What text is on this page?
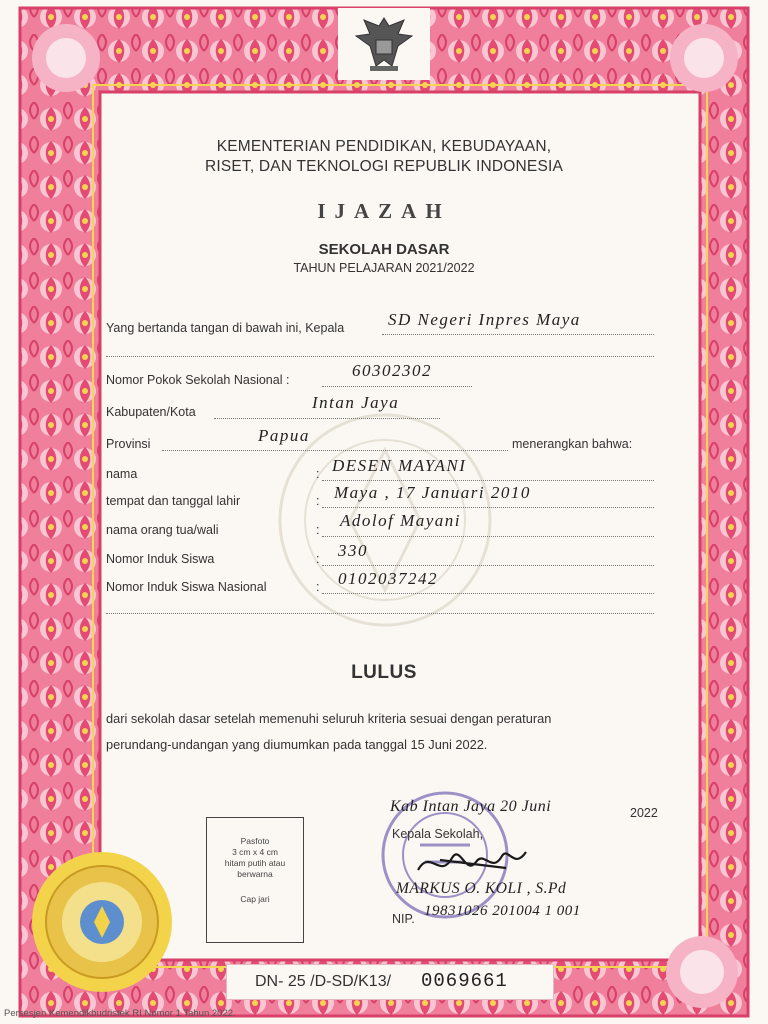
KEMENTERIAN PENDIDIKAN, KEBUDAYAAN,
RISET, DAN TEKNOLOGI REPUBLIK INDONESIA
IJAZAH
SEKOLAH DASAR
TAHUN PELAJARAN 2021/2022
Yang bertanda tangan di bawah ini, Kepala	SD Negeri Inpres Maya
Nomor Pokok Sekolah Nasional :	60302302
Kabupaten/Kota	Intan Jaya
Provinsi	Papua	menerangkan bahwa:
nama	: DESEN MAYANI
tempat dan tanggal lahir	: Maya , 17 Januari 2010
nama orang tua/wali	: Adolof Mayani
Nomor Induk Siswa	: 330
Nomor Induk Siswa Nasional	: 0102037242
LULUS
dari sekolah dasar setelah memenuhi seluruh kriteria sesuai dengan peraturan
perundang-undangan yang diumumkan pada tanggal 15 Juni 2022.
Pasfoto
3 cm x 4 cm
hitam putih atau
berwarna
Cap jari
Kab Intan Jaya 20 Juni	2022
Kepala Sekolah,
MARKUS O. KOLI , S.Pd
NIP. 19831026 201004 1 001
DN- 25 /D-SD/K13/ 0069661
Persesjen Kemendikbudristek RI Nomor 1 Tahun 2022.
